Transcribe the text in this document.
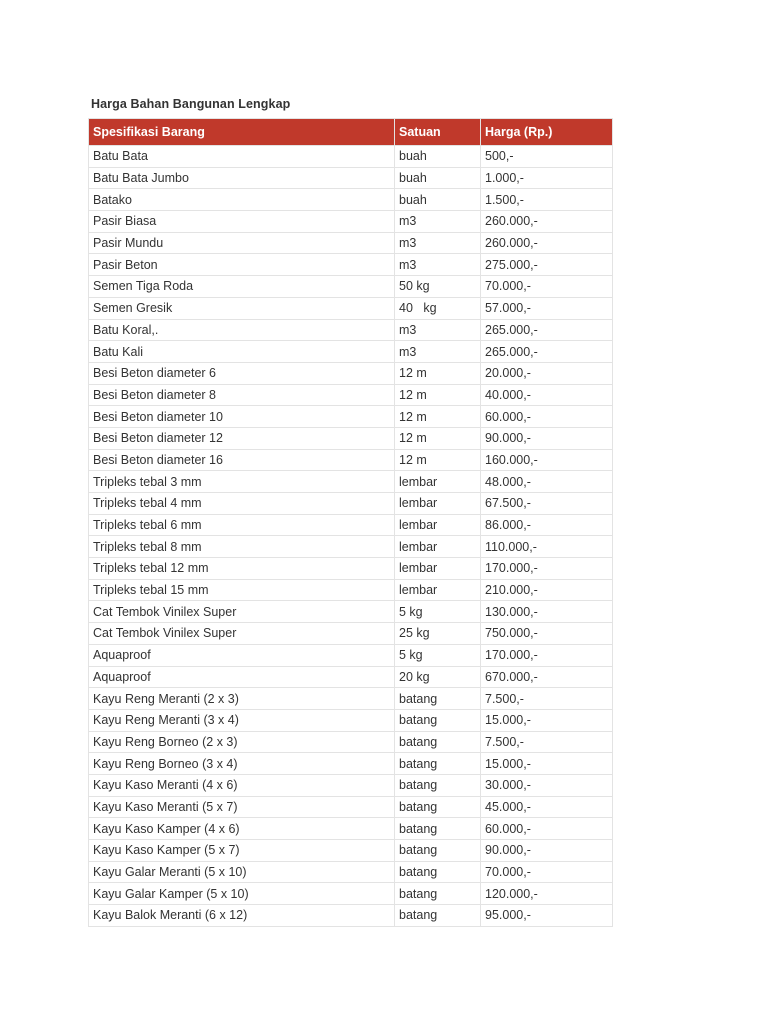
Harga Bahan Bangunan Lengkap
Spesifikasi Barang	Satuan	Harga (Rp.)
Batu Bata	buah	500,-
Batu Bata Jumbo	buah	1.000,-
Batako	buah	1.500,-
Pasir Biasa	m3	260.000,-
Pasir Mundu	m3	260.000,-
Pasir Beton	m3	275.000,-
Semen Tiga Roda	50 kg	70.000,-
Semen Gresik	40   kg	57.000,-
Batu Koral,.	m3	265.000,-
Batu Kali	m3	265.000,-
Besi Beton diameter 6	12 m	20.000,-
Besi Beton diameter 8	12 m	40.000,-
Besi Beton diameter 10	12 m	60.000,-
Besi Beton diameter 12	12 m	90.000,-
Besi Beton diameter 16	12 m	160.000,-
Tripleks tebal 3 mm	lembar	48.000,-
Tripleks tebal 4 mm	lembar	67.500,-
Tripleks tebal 6 mm	lembar	86.000,-
Tripleks tebal 8 mm	lembar	110.000,-
Tripleks tebal 12 mm	lembar	170.000,-
Tripleks tebal 15 mm	lembar	210.000,-
Cat Tembok Vinilex Super	5 kg	130.000,-
Cat Tembok Vinilex Super	25 kg	750.000,-
Aquaproof	5 kg	170.000,-
Aquaproof	20 kg	670.000,-
Kayu Reng Meranti (2 x 3)	batang	7.500,-
Kayu Reng Meranti (3 x 4)	batang	15.000,-
Kayu Reng Borneo (2 x 3)	batang	7.500,-
Kayu Reng Borneo (3 x 4)	batang	15.000,-
Kayu Kaso Meranti (4 x 6)	batang	30.000,-
Kayu Kaso Meranti (5 x 7)	batang	45.000,-
Kayu Kaso Kamper (4 x 6)	batang	60.000,-
Kayu Kaso Kamper (5 x 7)	batang	90.000,-
Kayu Galar Meranti (5 x 10)	batang	70.000,-
Kayu Galar Kamper (5 x 10)	batang	120.000,-
Kayu Balok Meranti (6 x 12)	batang	95.000,-
